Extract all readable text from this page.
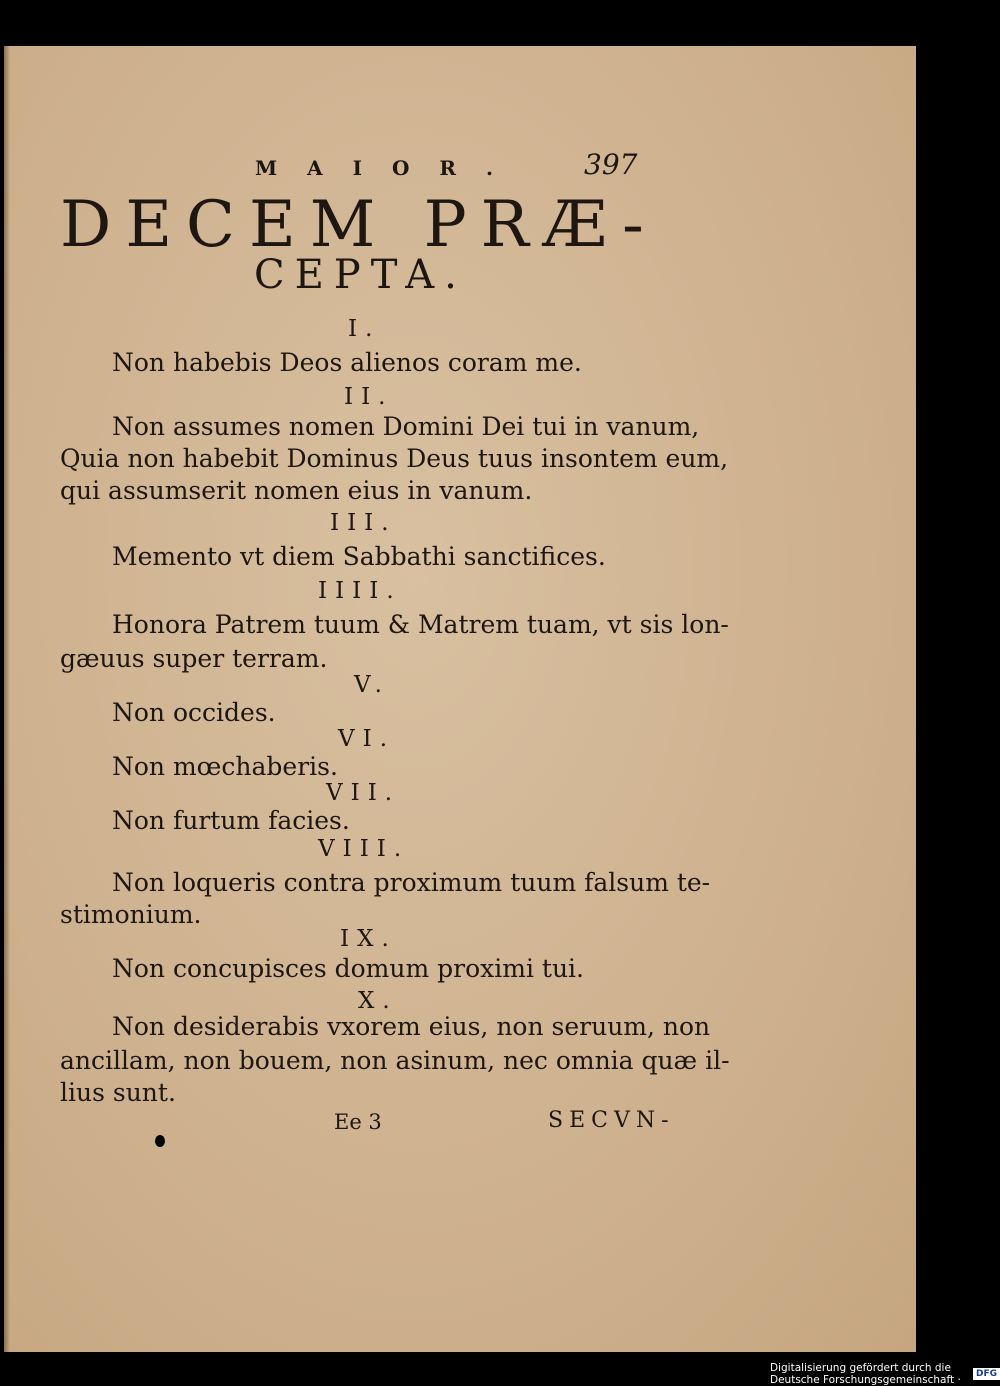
MAIOR. 397
DECEM PRÆ-
CEPTA.
I.
Non habebis Deos alienos coram me.
II.
Non assumes nomen Domini Dei tui in vanum,
Quia non habebit Dominus Deus tuus insontem eum,
qui assumserit nomen eius in vanum.
III.
Memento vt diem Sabbathi sanctifices.
IIII.
Honora Patrem tuum & Matrem tuam, vt sis lon-
gæuus super terram.
V.
Non occides.
VI.
Non mœchaberis.
VII.
Non furtum facies.
VIII.
Non loqueris contra proximum tuum falsum te-
stimonium.
IX.
Non concupisces domum proximi tui.
X.
Non desiderabis vxorem eius, non seruum, non
ancillam, non bouem, non asinum, nec omnia quæ il-
lius sunt.
Ee 3	SECVN-
Digitalisierung gefördert durch die Deutsche Forschungsgemeinschaft ·	DFG
